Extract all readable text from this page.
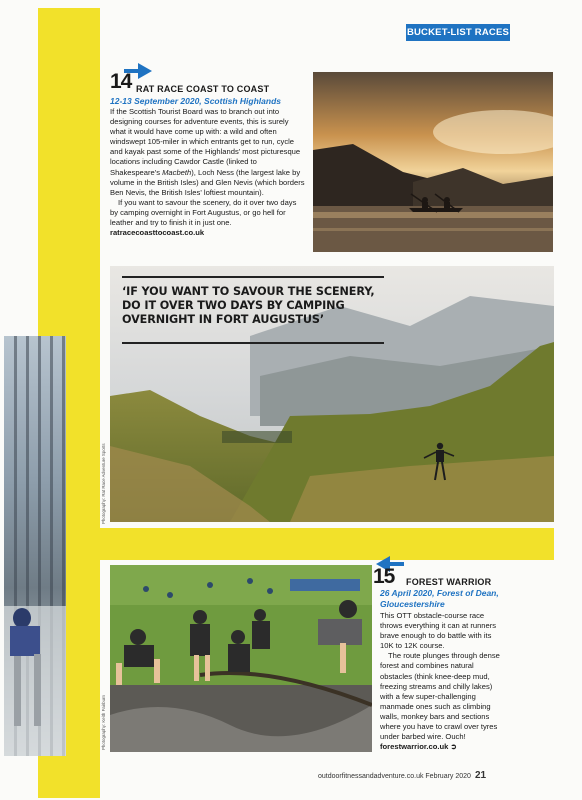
BUCKET-LIST RACES
14 RAT RACE COAST TO COAST
12-13 September 2020, Scottish Highlands

If the Scottish Tourist Board was to branch out into designing courses for adventure events, this is surely what it would have come up with: a wild and often windswept 105-miler in which entrants get to run, cycle and kayak past some of the Highlands' most picturesque locations including Cawdor Castle (linked to Shakespeare's Macbeth), Loch Ness (the largest lake by volume in the British Isles) and Glen Nevis (which borders Ben Nevis, the British Isles' loftiest mountain).

If you want to savour the scenery, do it over two days by camping overnight in Fort Augustus, or go hell for leather and try to finish it in just one.

ratracecoasttocoast.co.uk

‘IF YOU WANT TO SAVOUR THE SCENERY, DO IT OVER TWO DAYS BY CAMPING OVERNIGHT IN FORT AUGUSTUS’
Photography: Rat Race Adventure Sports
Photography: Keith Fairburn
15 FOREST WARRIOR
26 April 2020, Forest of Dean,
Gloucestershire

This OTT obstacle-course race throws everything it can at runners brave enough to do battle with its 10K to 12K course.

The route plunges through dense forest and combines natural obstacles (think knee-deep mud, freezing streams and chilly lakes) with a few super-challenging manmade ones such as climbing walls, monkey bars and sections where you have to crawl over tyres under barbed wire. Ouch!

forestwarrior.co.uk ➲

outdoorfitnessandadventure.co.uk February 2020 21
